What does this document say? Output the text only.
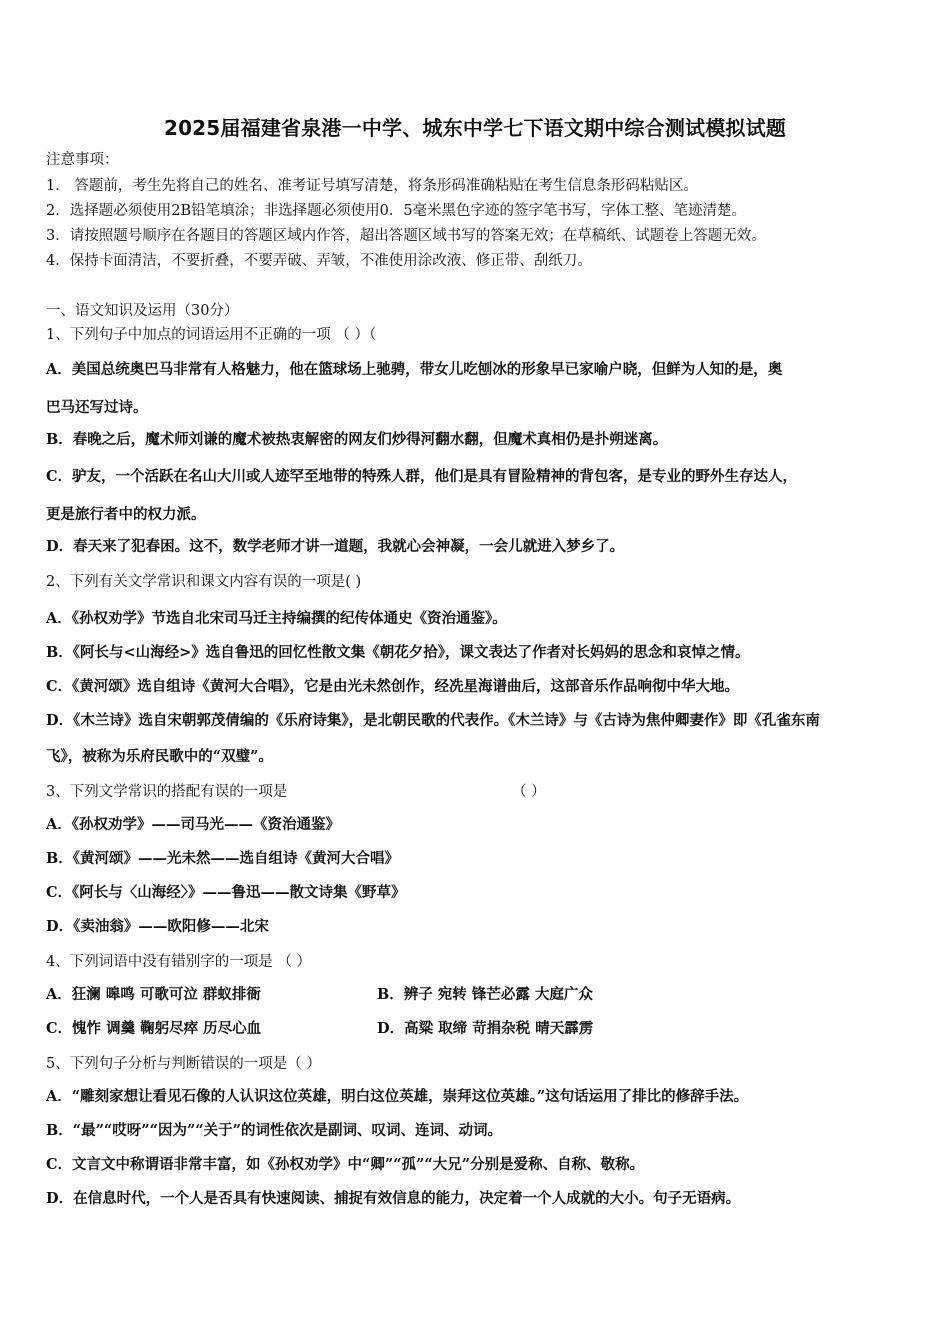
2025届福建省泉港一中学、城东中学七下语文期中综合测试模拟试题
注意事项：
1． 答题前，考生先将自己的姓名、准考证号填写清楚，将条形码准确粘贴在考生信息条形码粘贴区。
2．选择题必须使用2B铅笔填涂；非选择题必须使用0．5毫米黑色字迹的签字笔书写，字体工整、笔迹清楚。
3．请按照题号顺序在各题目的答题区域内作答，超出答题区域书写的答案无效；在草稿纸、试题卷上答题无效。
4．保持卡面清洁，不要折叠，不要弄破、弄皱，不准使用涂改液、修正带、刮纸刀。
一、语文知识及运用（30分）
1、下列句子中加点的词语运用不正确的一项 （ ）（
A．美国总统奥巴马非常有人格魅力，他在篮球场上驰骋，带女儿吃刨冰的形象早已家喻户晓，但鲜为人知的是，奥
巴马还写过诗。
B．春晚之后，魔术师刘谦的魔术被热衷解密的网友们炒得河翻水翻，但魔术真相仍是扑朔迷离。
C．驴友，一个活跃在名山大川或人迹罕至地带的特殊人群，他们是具有冒险精神的背包客，是专业的野外生存达人，
更是旅行者中的权力派。
D．春天来了犯春困。这不，数学老师才讲一道题，我就心会神凝，一会儿就进入梦乡了。
2、下列有关文学常识和课文内容有误的一项是( )
A．《孙权劝学》节选自北宋司马迁主持编撰的纪传体通史《资治通鉴》。
B．《阿长与<山海经>》选自鲁迅的回忆性散文集《朝花夕拾》，课文表达了作者对长妈妈的思念和哀悼之情。
C．《黄河颂》选自组诗《黄河大合唱》，它是由光未然创作，经冼星海谱曲后，这部音乐作品响彻中华大地。
D．《木兰诗》选自宋朝郭茂倩编的《乐府诗集》，是北朝民歌的代表作。《木兰诗》与《古诗为焦仲卿妻作》即《孔雀东南
飞》，被称为乐府民歌中的“双璧”。
3、下列文学常识的搭配有误的一项是	（ ）
A．《孙权劝学》——司马光——《资治通鉴》
B．《黄河颂》——光未然——选自组诗《黄河大合唱》
C．《阿长与〈山海经〉》——鲁迅——散文诗集《野草》
D．《卖油翁》——欧阳修——北宋
4、下列词语中没有错别字的一项是 （ ）
A．狂澜 嗥鸣 可歌可泣 群蚁排衙	B．辨子 宛转 锋芒必露 大庭广众
C．愧怍 调羹 鞠躬尽瘁 历尽心血	D．高粱 取缔 苛捐杂税 晴天霹雳
5、下列句子分析与判断错误的一项是（ ）
A．“雕刻家想让看见石像的人认识这位英雄，明白这位英雄，崇拜这位英雄。”这句话运用了排比的修辞手法。
B．“最”“哎呀”“因为”“关于”的词性依次是副词、叹词、连词、动词。
C．文言文中称谓语非常丰富，如《孙权劝学》中“卿”“孤”“大兄”分别是爱称、自称、敬称。
D．在信息时代，一个人是否具有快速阅读、捕捉有效信息的能力，决定着一个人成就的大小。句子无语病。
